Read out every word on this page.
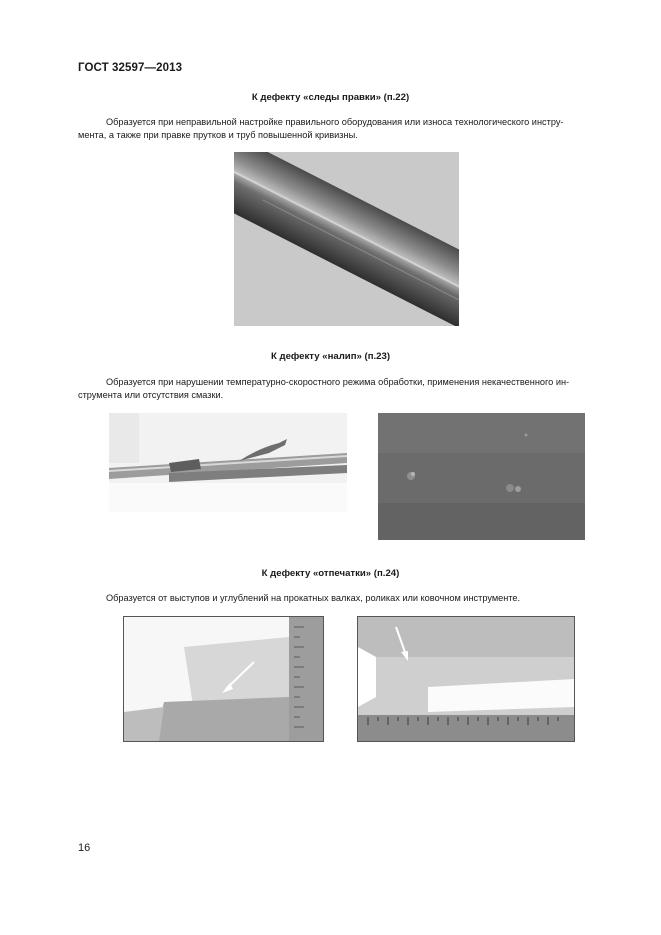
ГОСТ 32597—2013
К дефекту «следы правки» (п.22)
Образуется при неправильной настройке правильного оборудования или износа технологического инстру-
мента, а также при правке прутков и труб повышенной кривизны.
К дефекту «налип» (п.23)
Образуется при нарушении температурно-скоростного режима обработки, применения некачественного ин-
струмента или отсутствия смазки.
К дефекту «отпечатки» (п.24)
Образуется от выступов и углублений на прокатных валках, роликах или ковочном инструменте.
16
